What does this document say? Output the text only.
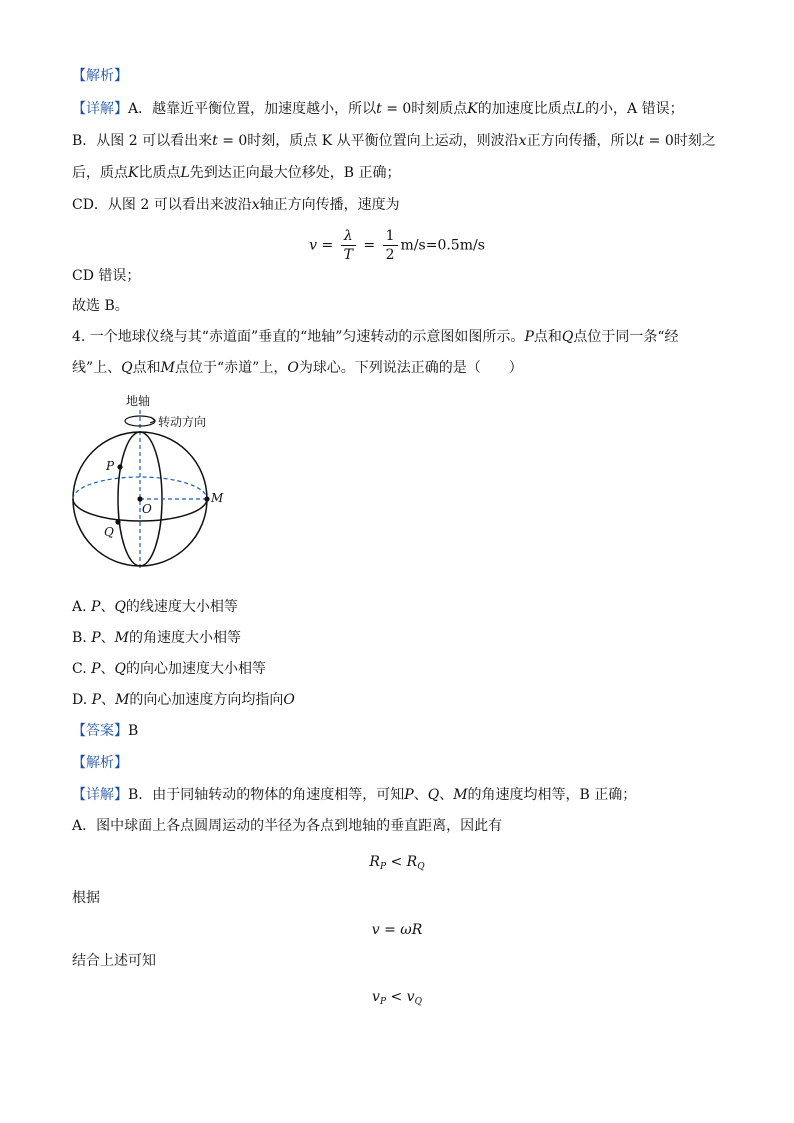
【解析】
【详解】A．越靠近平衡位置，加速度越小，所以t = 0时刻质点K的加速度比质点L的小，A 错误；
B．从图 2 可以看出来t = 0时刻，质点 K 从平衡位置向上运动，则波沿x正方向传播，所以t = 0时刻之
后，质点K比质点L先到达正向最大位移处，B 正确；
CD．从图 2 可以看出来波沿x轴正方向传播，速度为
$v = \frac{\lambda}{T} = \frac{1}{2} m/s=0.5m/s$
CD 错误；
故选 B。
4. 一个地球仪绕与其“赤道面”垂直的“地轴”匀速转动的示意图如图所示。P点和Q点位于同一条“经
线”上、Q点和M点位于“赤道”上，O为球心。下列说法正确的是（　　）
地轴
转动方向
P
Q
M
O
A. P、Q的线速度大小相等
B. P、M的角速度大小相等
C. P、Q的向心加速度大小相等
D. P、M的向心加速度方向均指向O
【答案】B
【解析】
【详解】B．由于同轴转动的物体的角速度相等，可知P、Q、M的角速度均相等，B 正确；
A．图中球面上各点圆周运动的半径为各点到地轴的垂直距离，因此有
$R_P < R_Q$
根据
v = ωR
结合上述可知
$v_P < v_Q$
